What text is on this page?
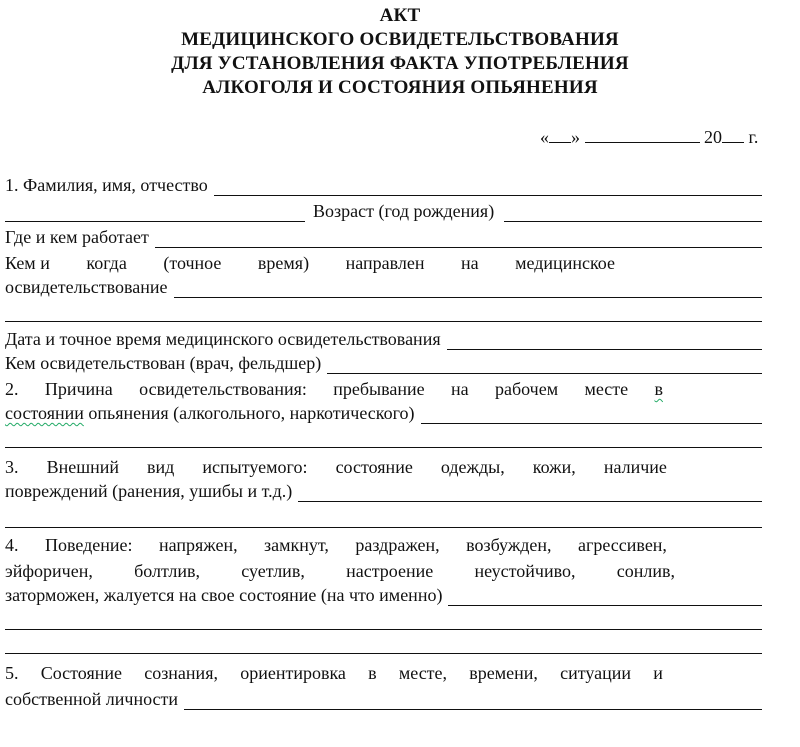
АКТ
МЕДИЦИНСКОГО ОСВИДЕТЕЛЬСТВОВАНИЯ
ДЛЯ УСТАНОВЛЕНИЯ ФАКТА УПОТРЕБЛЕНИЯ
АЛКОГОЛЯ И СОСТОЯНИЯ ОПЬЯНЕНИЯ
« »	20 г.
1. Фамилия, имя, отчество
Возраст (год рождения)
Где и кем работает
Кем и когда (точное время) направлен на медицинское
освидетельствование
Дата и точное время медицинского освидетельствования
Кем освидетельствован (врач, фельдшер)
2. Причина освидетельствования: пребывание на рабочем месте в
состоянии опьянения (алкогольного, наркотического)
3. Внешний вид испытуемого: состояние одежды, кожи, наличие
повреждений (ранения, ушибы и т.д.)
4. Поведение: напряжен, замкнут, раздражен, возбужден, агрессивен,
эйфоричен, болтлив, суетлив, настроение неустойчиво, сонлив,
заторможен, жалуется на свое состояние (на что именно)
5. Состояние сознания, ориентировка в месте, времени, ситуации и
собственной личности
